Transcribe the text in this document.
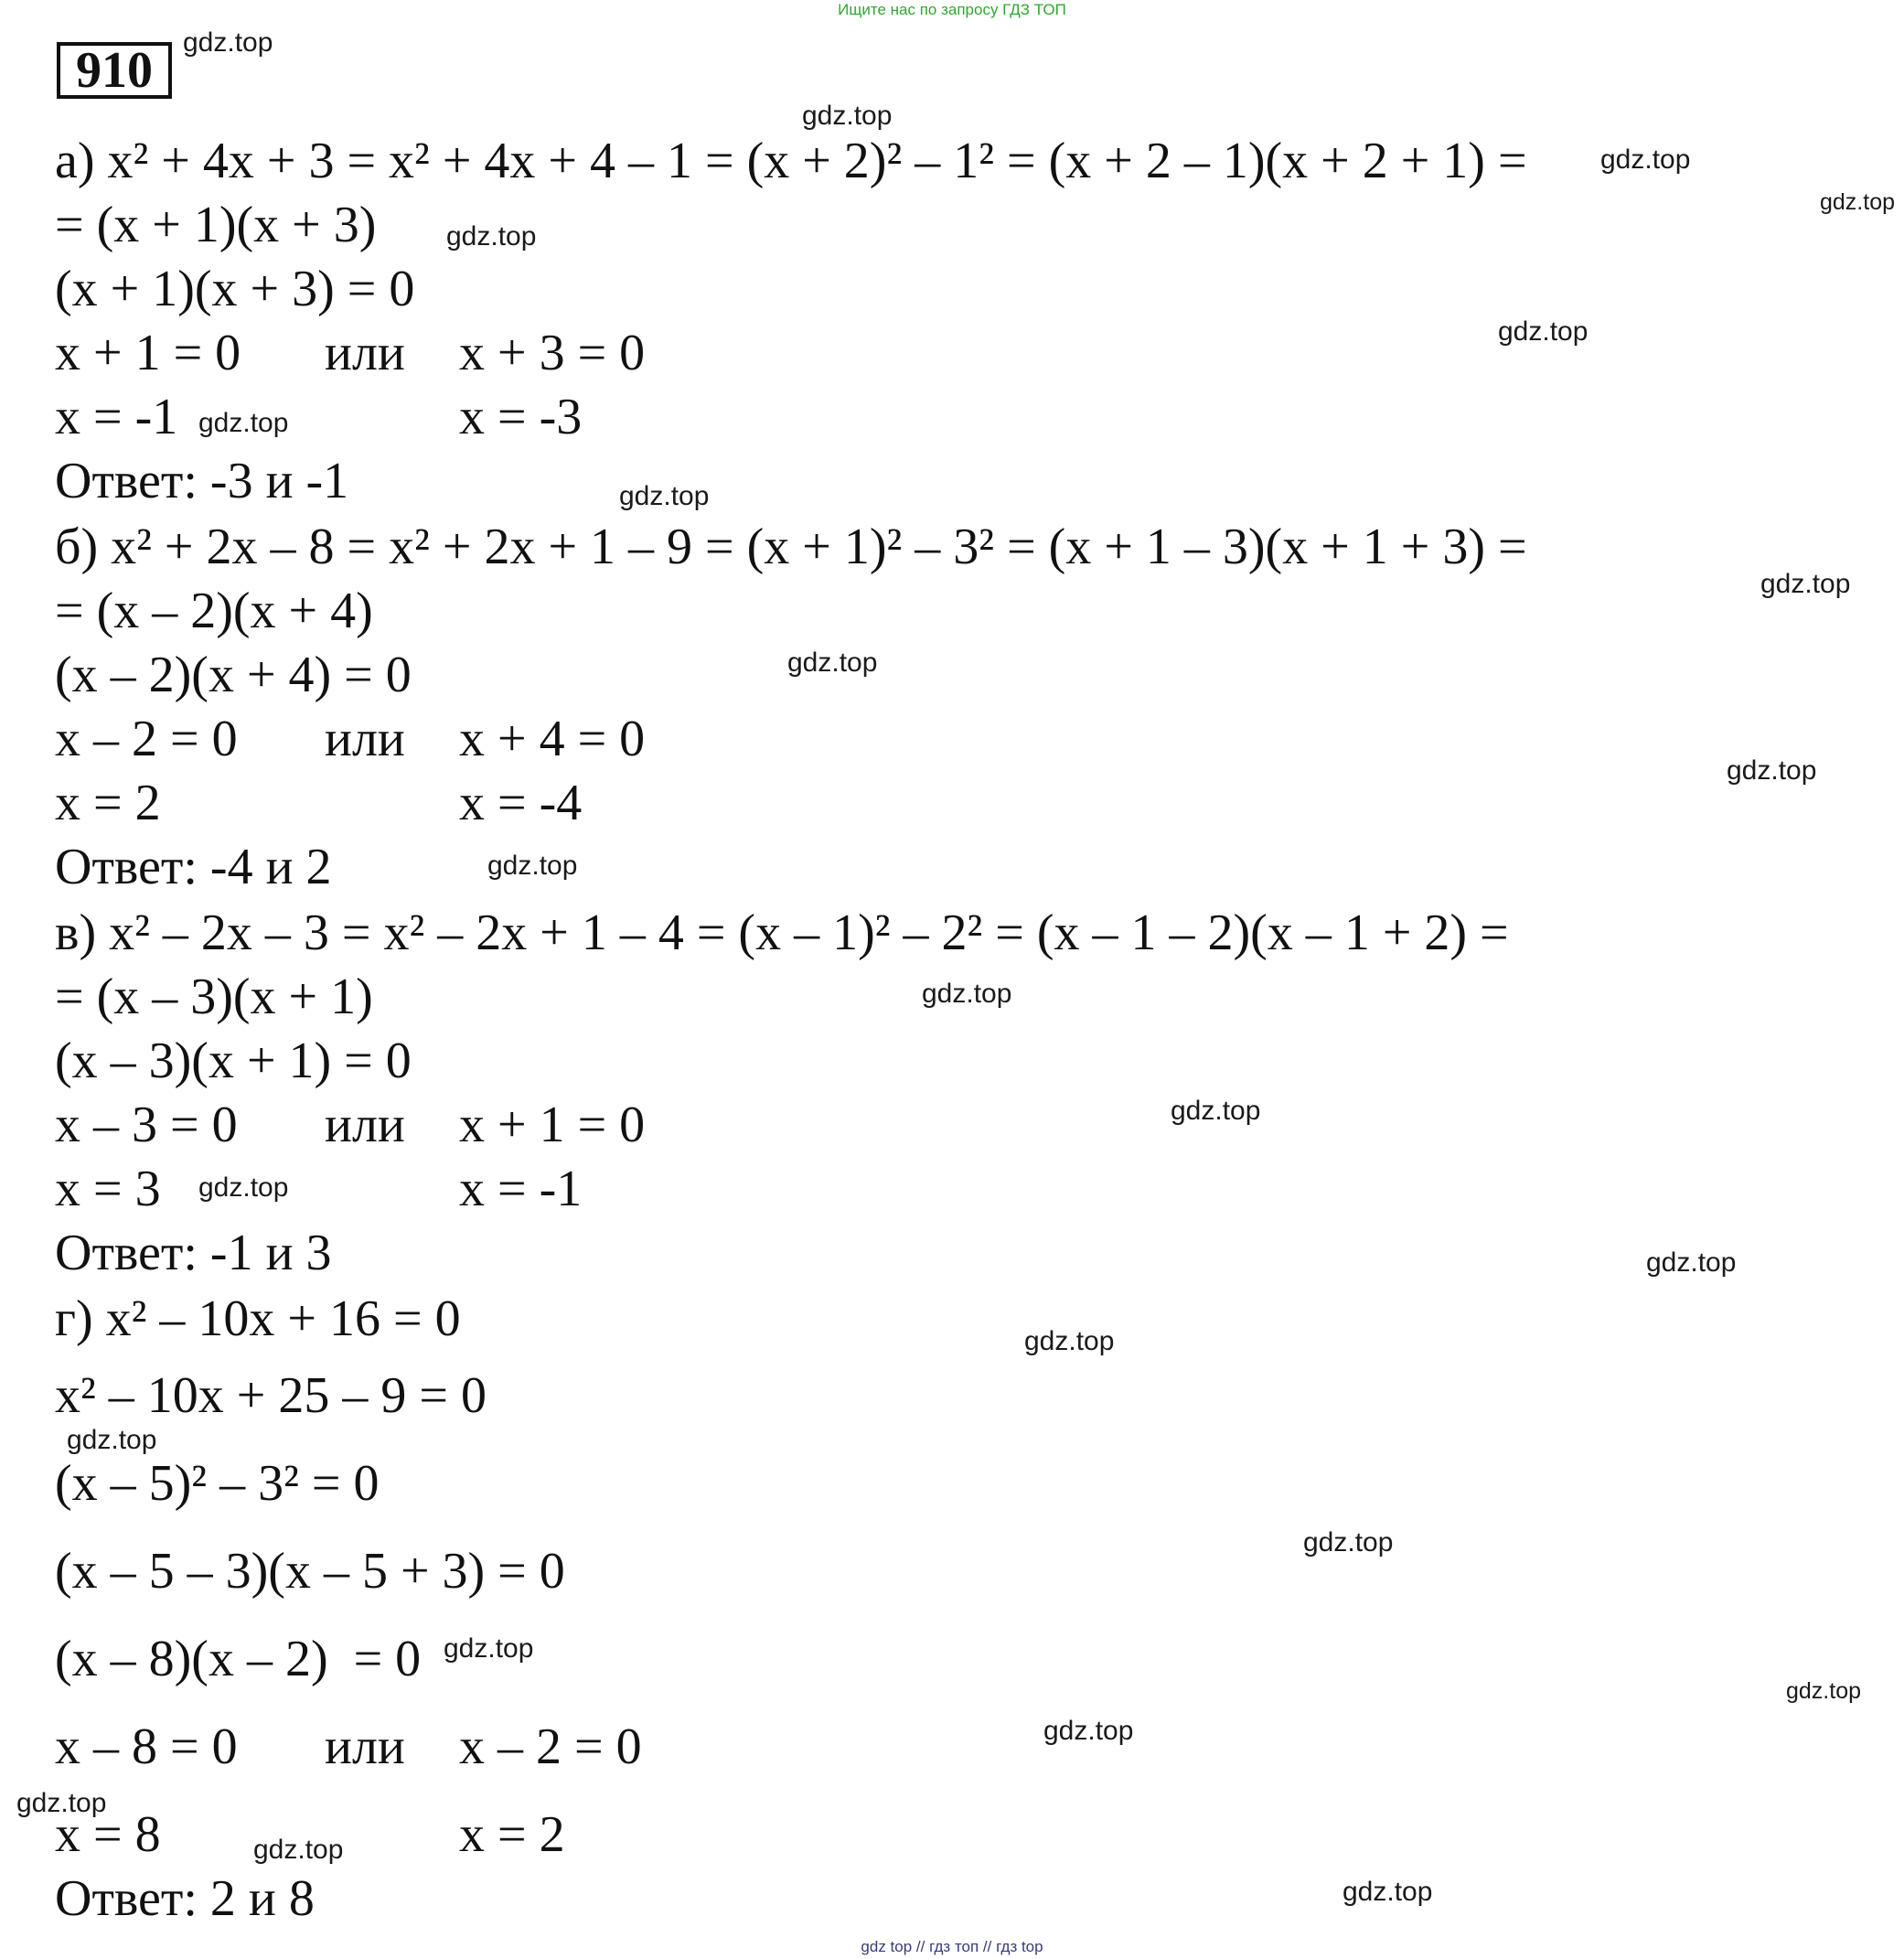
Ищите нас по запросу ГДЗ ТОП
910
а) x² + 4x + 3 = x² + 4x + 4 – 1 = (x + 2)² – 1² = (x + 2 – 1)(x + 2 + 1) =
= (x + 1)(x + 3)
(x + 1)(x + 3) = 0
x + 1 = 0 или x + 3 = 0
x = -1	x = -3
Ответ: -3 и -1
б) x² + 2x – 8 = x² + 2x + 1 – 9 = (x + 1)² – 3² = (x + 1 – 3)(x + 1 + 3) =
= (x – 2)(x + 4)
(x – 2)(x + 4) = 0
x – 2 = 0 или x + 4 = 0
x = 2	x = -4
Ответ: -4 и 2
в) x² – 2x – 3 = x² – 2x + 1 – 4 = (x – 1)² – 2² = (x – 1 – 2)(x – 1 + 2) =
= (x – 3)(x + 1)
(x – 3)(x + 1) = 0
x – 3 = 0 или x + 1 = 0
x = 3	x = -1
Ответ: -1 и 3
г) x² – 10x + 16 = 0
x² – 10x + 25 – 9 = 0
(x – 5)² – 3² = 0
(x – 5 – 3)(x – 5 + 3) = 0
(x – 8)(x – 2)  = 0
x – 8 = 0 или x – 2 = 0
x = 8	x = 2
Ответ: 2 и 8
gdz.top
gdz.top
gdz.top
gdz.top
gdz.top
gdz.top
gdz.top
gdz.top
gdz.top
gdz.top
gdz.top
gdz.top
gdz.top
gdz.top
gdz.top
gdz.top
gdz.top
gdz.top
gdz.top
gdz.top
gdz.top
gdz.top
gdz.top
gdz.top
gdz.top
gdz top // гдз топ // гдз top
